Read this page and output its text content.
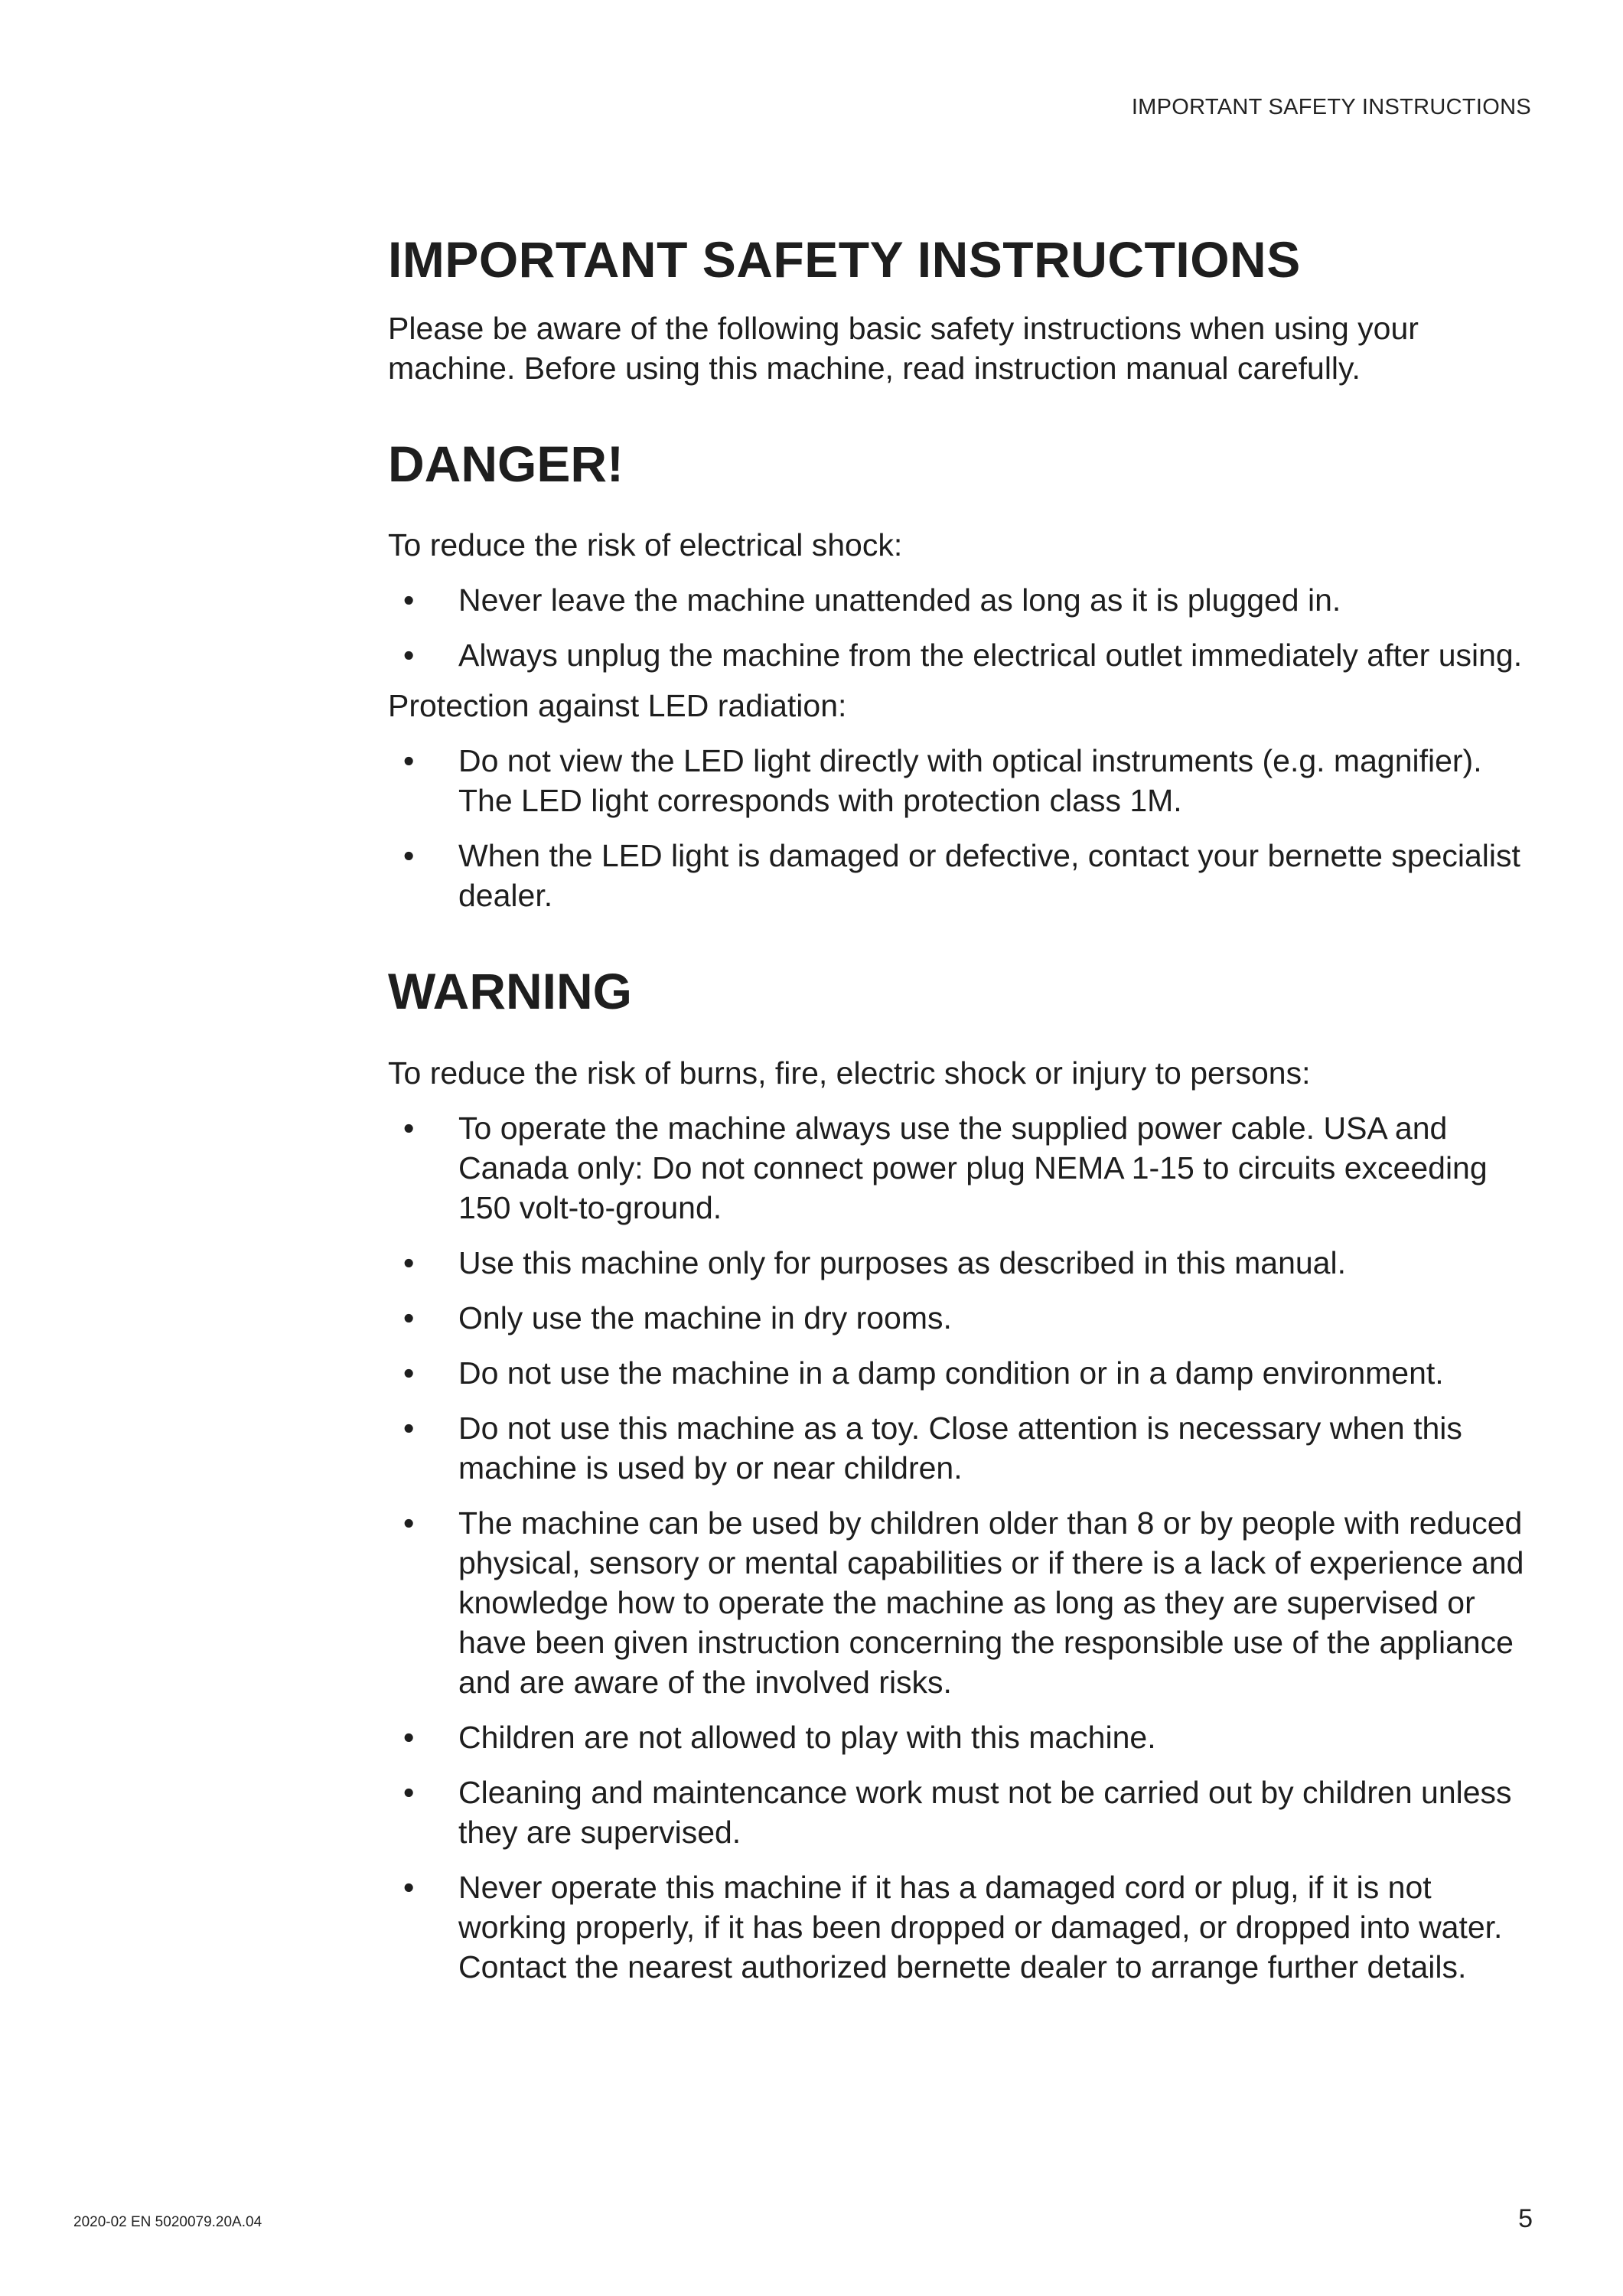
IMPORTANT SAFETY INSTRUCTIONS
IMPORTANT SAFETY INSTRUCTIONS

Please be aware of the following basic safety instructions when using your machine. Before using this machine, read instruction manual carefully.

DANGER!

To reduce the risk of electrical shock:

• Never leave the machine unattended as long as it is plugged in.
• Always unplug the machine from the electrical outlet immediately after using.

Protection against LED radiation:

• Do not view the LED light directly with optical instruments (e.g. magnifier). The LED light corresponds with protection class 1M.
• When the LED light is damaged or defective, contact your bernette specialist dealer.
WARNING

To reduce the risk of burns, fire, electric shock or injury to persons:

• To operate the machine always use the supplied power cable. USA and Canada only: Do not connect power plug NEMA 1-15 to circuits exceeding 150 volt-to-ground.
• Use this machine only for purposes as described in this manual.
• Only use the machine in dry rooms.
• Do not use the machine in a damp condition or in a damp environment.
• Do not use this machine as a toy. Close attention is necessary when this machine is used by or near children.
• The machine can be used by children older than 8 or by people with reduced physical, sensory or mental capabilities or if there is a lack of experience and knowledge how to operate the machine as long as they are supervised or have been given instruction concerning the responsible use of the appliance and are aware of the involved risks.
• Children are not allowed to play with this machine.
• Cleaning and maintencance work must not be carried out by children unless they are supervised.
• Never operate this machine if it has a damaged cord or plug, if it is not working properly, if it has been dropped or damaged, or dropped into water. Contact the nearest authorized bernette dealer to arrange further details.
2020-02 EN 5020079.20A.04	5
